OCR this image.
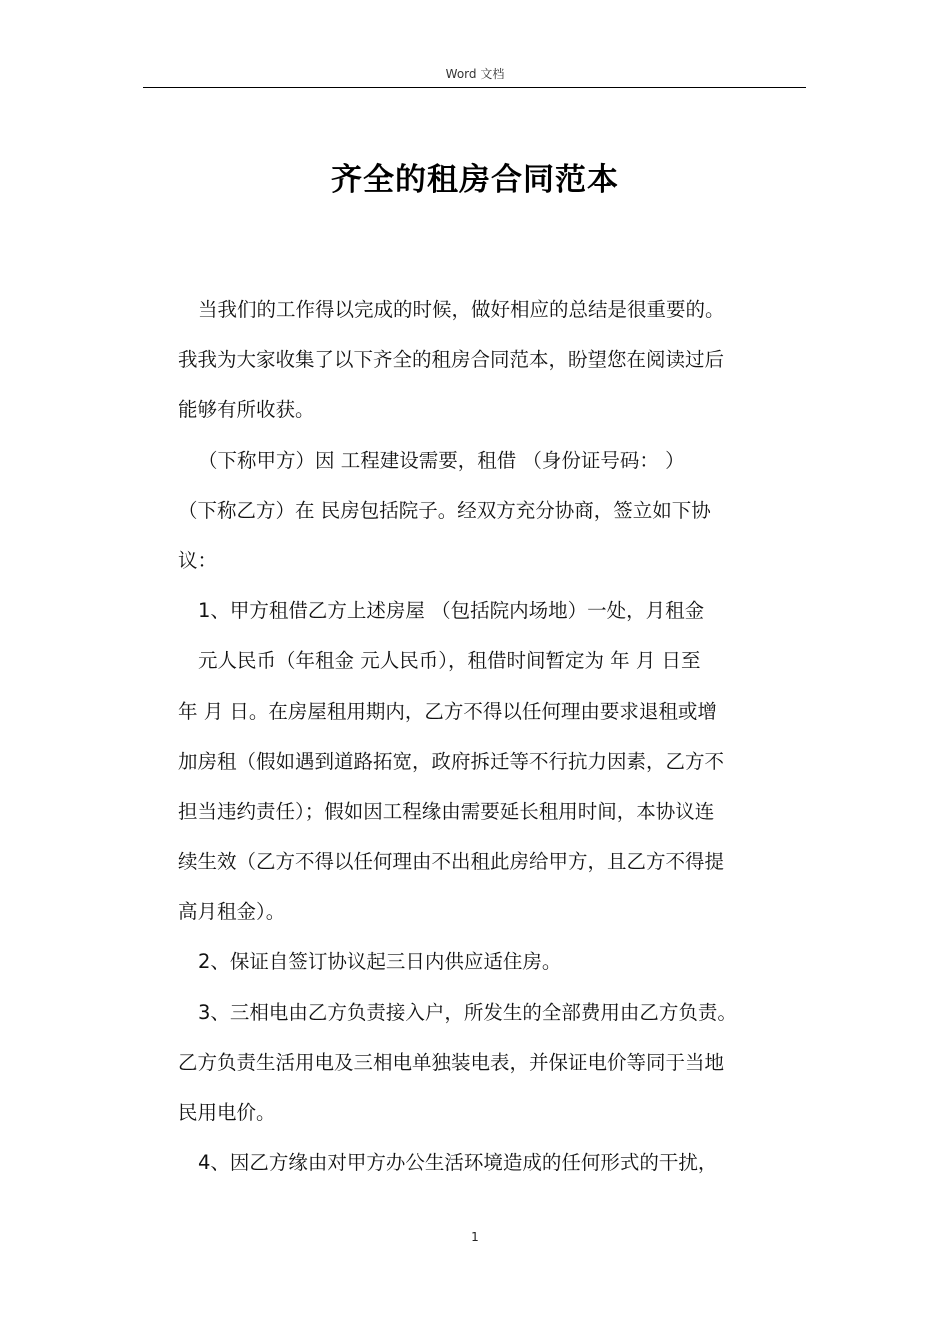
Word 文档
齐全的租房合同范本
当我们的工作得以完成的时候，做好相应的总结是很重要的。
我我为大家收集了以下齐全的租房合同范本，盼望您在阅读过后
能够有所收获。
（下称甲方）因 工程建设需要，租借 （身份证号码： ）
（下称乙方）在 民房包括院子。经双方充分协商，签立如下协
议：
1、甲方租借乙方上述房屋 （包括院内场地）一处，月租金
元人民币（年租金 元人民币），租借时间暂定为 年 月 日至
年 月 日。在房屋租用期内，乙方不得以任何理由要求退租或增
加房租（假如遇到道路拓宽，政府拆迁等不行抗力因素，乙方不
担当违约责任）；假如因工程缘由需要延长租用时间，本协议连
续生效（乙方不得以任何理由不出租此房给甲方，且乙方不得提
高月租金）。
2、保证自签订协议起三日内供应适住房。
3、三相电由乙方负责接入户，所发生的全部费用由乙方负责。
乙方负责生活用电及三相电单独装电表，并保证电价等同于当地
民用电价。
4、因乙方缘由对甲方办公生活环境造成的任何形式的干扰，
1
